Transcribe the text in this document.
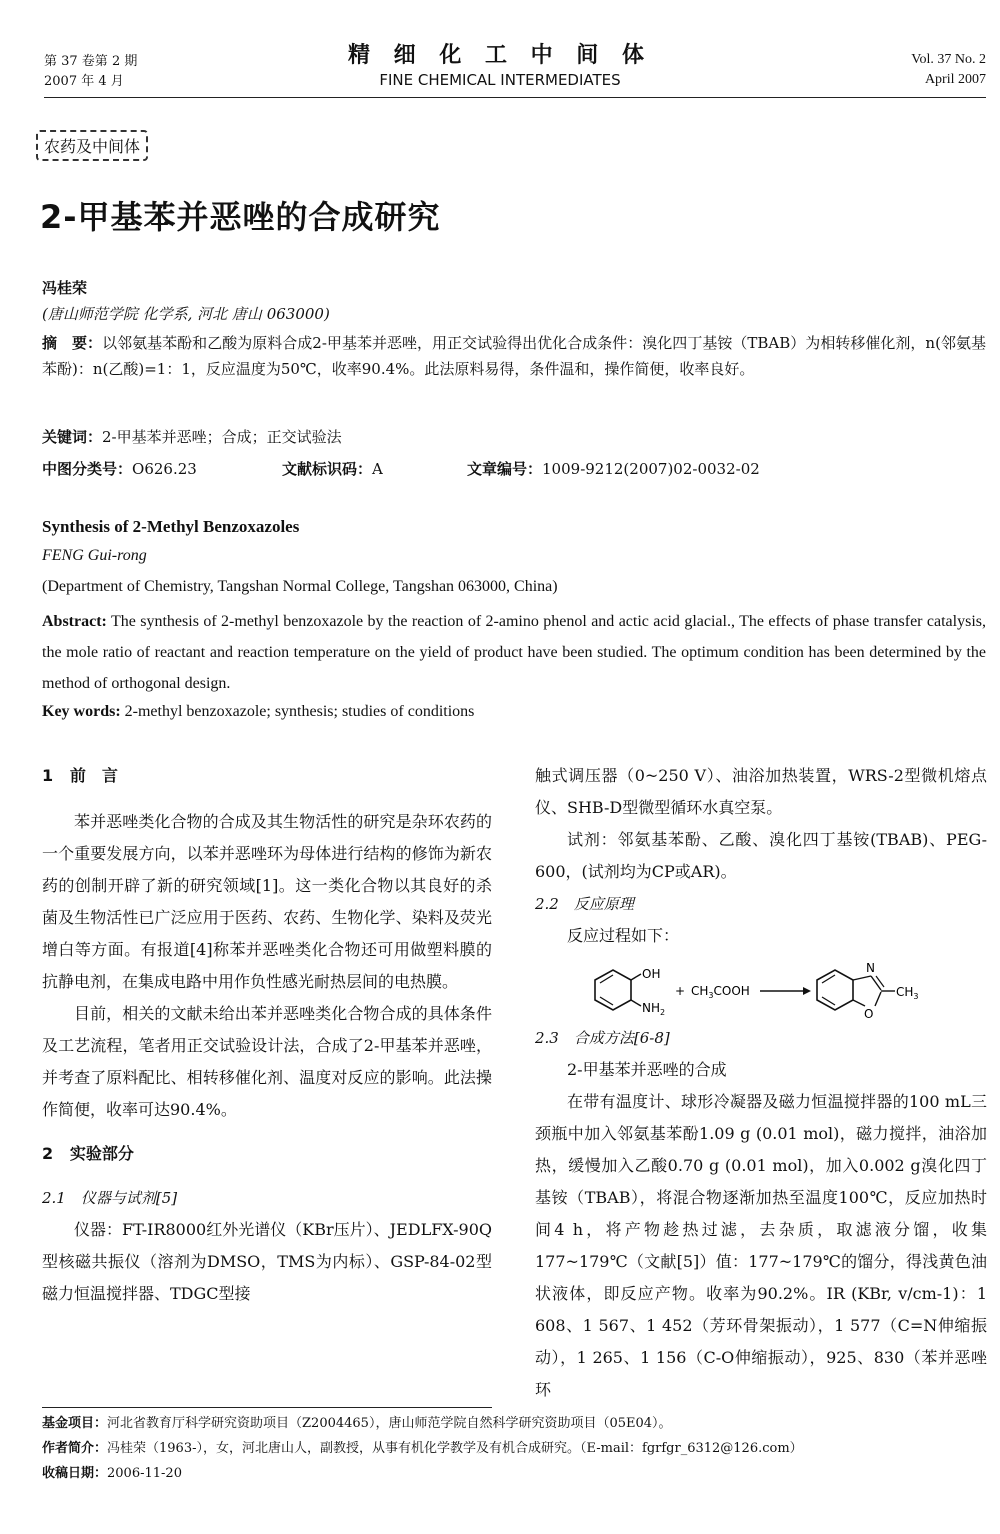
第 37 卷第 2 期
2007 年 4 月
精 细 化 工 中 间 体
FINE CHEMICAL INTERMEDIATES
Vol. 37 No. 2
April 2007
农药及中间体
2-甲基苯并恶唑的合成研究
冯桂荣
(唐山师范学院 化学系, 河北 唐山 063000)
摘　要：以邻氨基苯酚和乙酸为原料合成2-甲基苯并恶唑，用正交试验得出优化合成条件：溴化四丁基铵（TBAB）为相转移催化剂，n(邻氨基苯酚)：n(乙酸)=1：1，反应温度为50℃，收率90.4%。此法原料易得，条件温和，操作简便，收率良好。
关键词：2-甲基苯并恶唑；合成；正交试验法
中图分类号：O626.23	文献标识码：A	文章编号：1009-9212(2007)02-0032-02
Synthesis of 2-Methyl Benzoxazoles
FENG Gui-rong
(Department of Chemistry, Tangshan Normal College, Tangshan 063000, China)
Abstract: The synthesis of 2-methyl benzoxazole by the reaction of 2-amino phenol and actic acid glacial., The effects of phase transfer catalysis, the mole ratio of reactant and reaction temperature on the yield of product have been studied. The optimum condition has been determined by the method of orthogonal design.
Key words: 2-methyl benzoxazole; synthesis; studies of conditions
1 前　言

苯并恶唑类化合物的合成及其生物活性的研究是杂环农药的一个重要发展方向，以苯并恶唑环为母体进行结构的修饰为新农药的创制开辟了新的研究领域[1]。这一类化合物以其良好的杀菌及生物活性已广泛应用于医药、农药、生物化学、染料及荧光增白等方面。有报道[4]称苯并恶唑类化合物还可用做塑料膜的抗静电剂，在集成电路中用作负性感光耐热层间的电热膜。

目前，相关的文献未给出苯并恶唑类化合物合成的具体条件及工艺流程，笔者用正交试验设计法，合成了2-甲基苯并恶唑，并考查了原料配比、相转移催化剂、温度对反应的影响。此法操作简便，收率可达90.4%。

2 实验部分
2.1　仪器与试剂[5]

仪器：FT-IR8000红外光谱仪（KBr压片）、JEDLFX-90Q型核磁共振仪（溶剂为DMSO，TMS为内标）、GSP-84-02型磁力恒温搅拌器、TDGC型接

触式调压器（0~250 V）、油浴加热装置，WRS-2型微机熔点仪、SHB-D型微型循环水真空泵。

试剂：邻氨基苯酚、乙酸、溴化四丁基铵(TBAB)、PEG-600，(试剂均为CP或AR)。

2.2　反应原理

反应过程如下：

OH
$NH_2$
+ $CH_3COOH$
N
O
$CH_3$
2.3　合成方法[6-8]

2-甲基苯并恶唑的合成

在带有温度计、球形冷凝器及磁力恒温搅拌器的100 mL三颈瓶中加入邻氨基苯酚1.09 g (0.01 mol)，磁力搅拌，油浴加热，缓慢加入乙酸0.70 g (0.01 mol)，加入0.002 g溴化四丁基铵（TBAB），将混合物逐渐加热至温度100℃，反应加热时间4 h，将产物趁热过滤，去杂质，取滤液分馏，收集177~179℃（文献[5]）值：177~179℃的馏分，得浅黄色油状液体，即反应产物。收率为90.2%。IR (KBr, v/cm-1)：1 608、1 567、1 452（芳环骨架振动），1 577（C=N伸缩振动），1 265、1 156（C-O伸缩振动），925、830（苯并恶唑环

基金项目：河北省教育厅科学研究资助项目（Z2004465），唐山师范学院自然科学研究资助项目（05E04）。
作者简介：冯桂荣（1963-），女，河北唐山人，副教授，从事有机化学教学及有机合成研究。（E-mail：fgrfgr_6312@126.com）
收稿日期：2006-11-20
